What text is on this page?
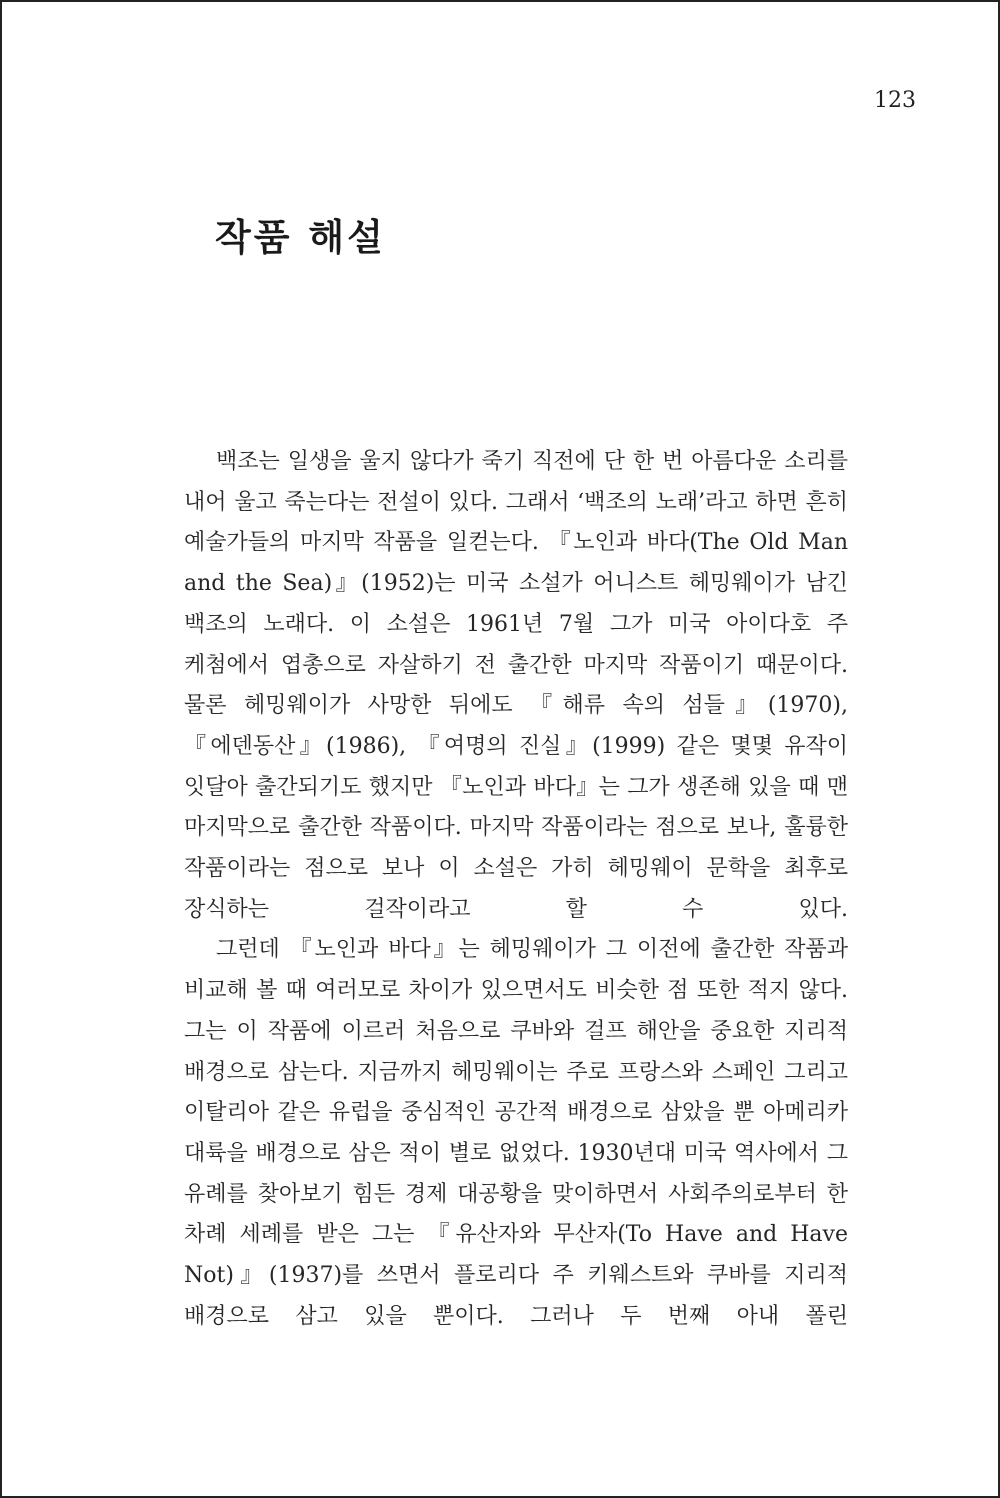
123

작품 해설

백조는 일생을 울지 않다가 죽기 직전에 단 한 번 아름다운 소리를 내어 울고 죽는다는 전설이 있다. 그래서 ‘백조의 노래’라고 하면 흔히 예술가들의 마지막 작품을 일컫는다. 『노인과 바다(The Old Man and the Sea)』(1952)는 미국 소설가 어니스트 헤밍웨이가 남긴 백조의 노래다. 이 소설은 1961년 7월 그가 미국 아이다호 주 케첨에서 엽총으로 자살하기 전 출간한 마지막 작품이기 때문이다. 물론 헤밍웨이가 사망한 뒤에도 『해류 속의 섬들』(1970), 『에덴동산』(1986), 『여명의 진실』(1999) 같은 몇몇 유작이 잇달아 출간되기도 했지만 『노인과 바다』는 그가 생존해 있을 때 맨 마지막으로 출간한 작품이다. 마지막 작품이라는 점으로 보나, 훌륭한 작품이라는 점으로 보나 이 소설은 가히 헤밍웨이 문학을 최후로 장식하는 걸작이라고 할 수 있다.

그런데 『노인과 바다』는 헤밍웨이가 그 이전에 출간한 작품과 비교해 볼 때 여러모로 차이가 있으면서도 비슷한 점 또한 적지 않다. 그는 이 작품에 이르러 처음으로 쿠바와 걸프 해안을 중요한 지리적 배경으로 삼는다. 지금까지 헤밍웨이는 주로 프랑스와 스페인 그리고 이탈리아 같은 유럽을 중심적인 공간적 배경으로 삼았을 뿐 아메리카 대륙을 배경으로 삼은 적이 별로 없었다. 1930년대 미국 역사에서 그 유례를 찾아보기 힘든 경제 대공황을 맞이하면서 사회주의로부터 한 차례 세례를 받은 그는 『유산자와 무산자(To Have and Have Not)』(1937)를 쓰면서 플로리다 주 키웨스트와 쿠바를 지리적 배경으로 삼고 있을 뿐이다. 그러나 두 번째 아내 폴린
